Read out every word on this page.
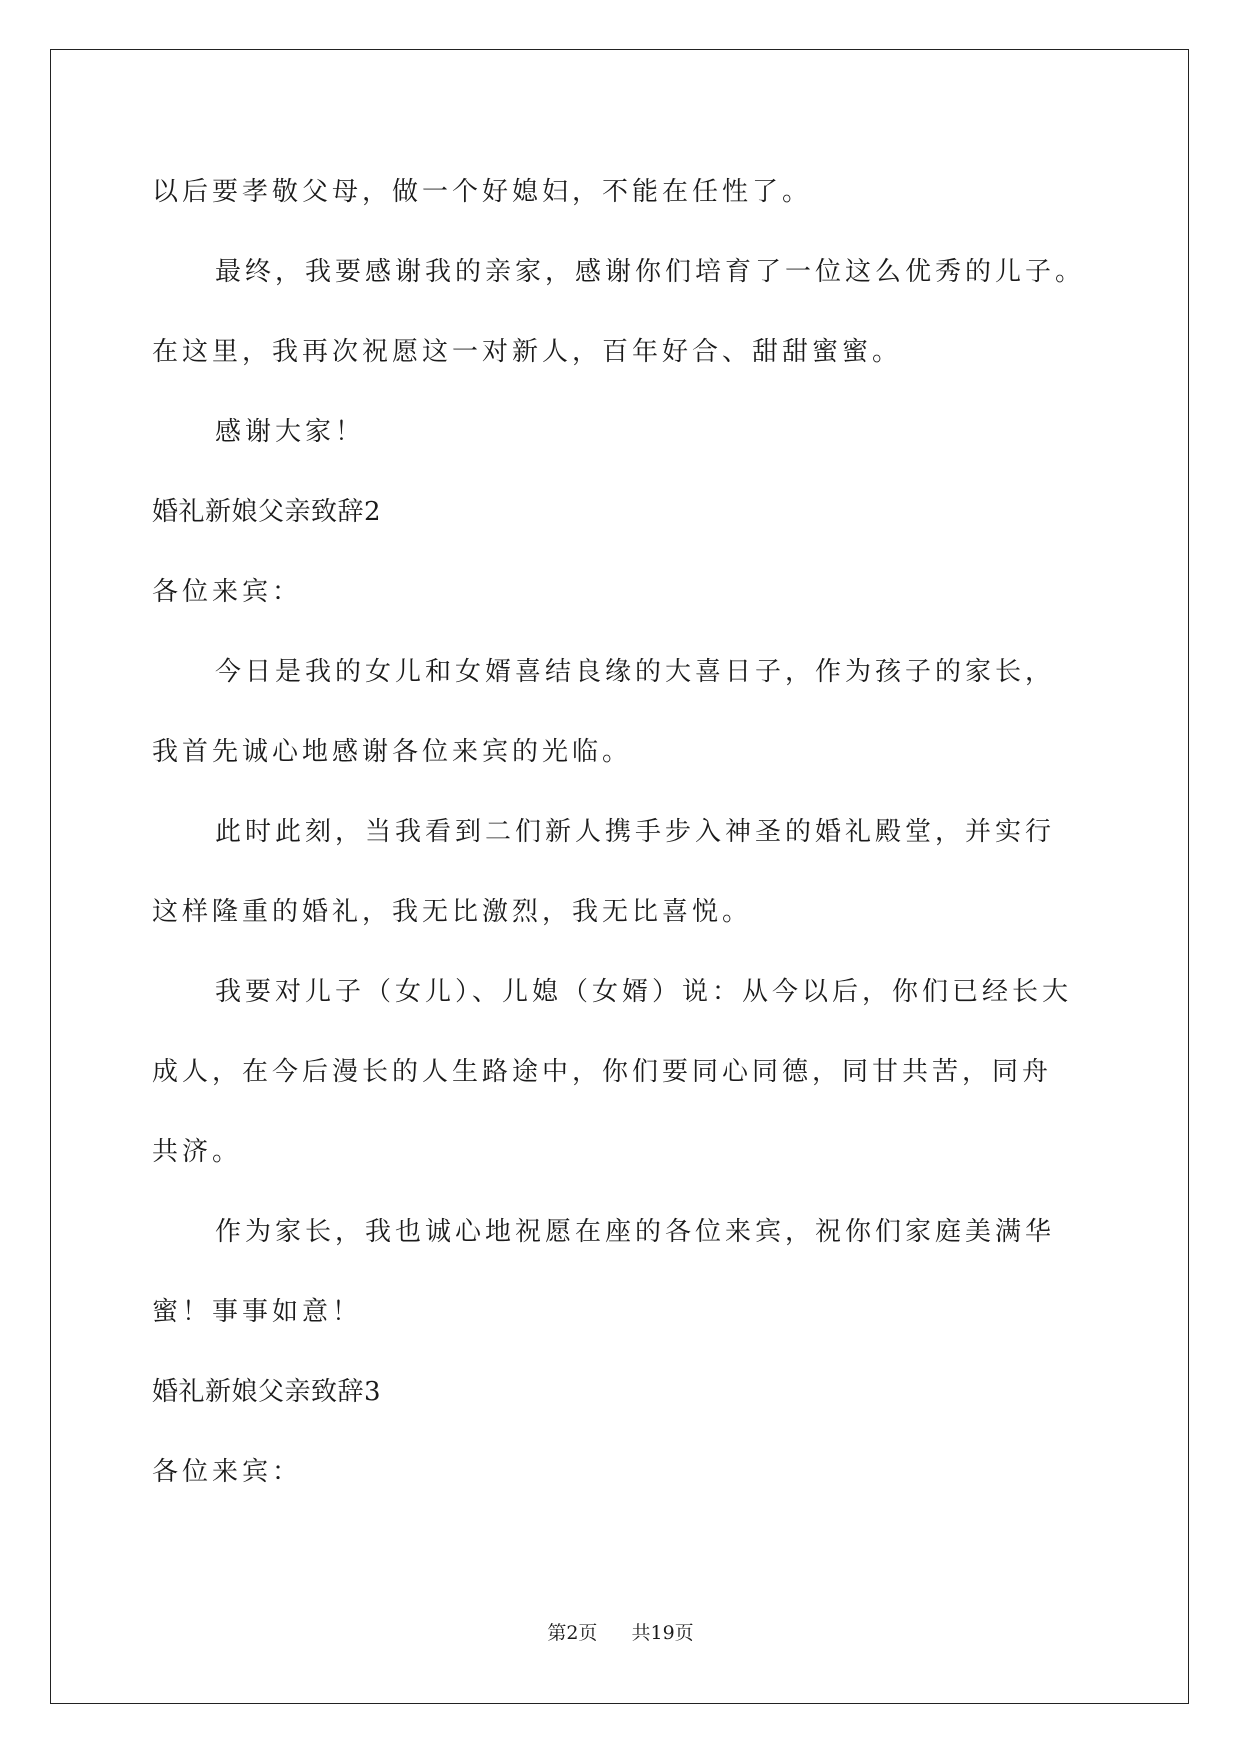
以后要孝敬父母，做一个好媳妇，不能在任性了。
最终，我要感谢我的亲家，感谢你们培育了一位这么优秀的儿子。
在这里，我再次祝愿这一对新人，百年好合、甜甜蜜蜜。
感谢大家！
婚礼新娘父亲致辞2
各位来宾：
今日是我的女儿和女婿喜结良缘的大喜日子，作为孩子的家长，
我首先诚心地感谢各位来宾的光临。
此时此刻，当我看到二们新人携手步入神圣的婚礼殿堂，并实行
这样隆重的婚礼，我无比激烈，我无比喜悦。
我要对儿子（女儿）、儿媳（女婿）说：从今以后，你们已经长大
成人，在今后漫长的人生路途中，你们要同心同德，同甘共苦，同舟
共济。
作为家长，我也诚心地祝愿在座的各位来宾，祝你们家庭美满华
蜜！事事如意！
婚礼新娘父亲致辞3
各位来宾：
第2页 共19页
